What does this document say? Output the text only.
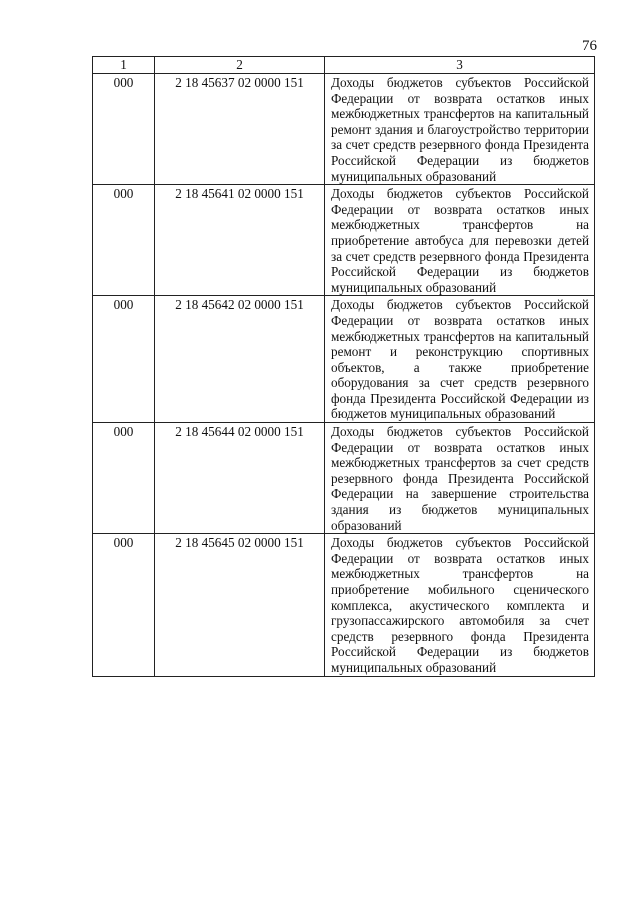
76
1	2	3
000	2 18 45637 02 0000 151	Доходы бюджетов субъектов Российской Федерации от возврата остатков иных межбюджетных трансфертов на капитальный ремонт здания и благоустройство территории за счет средств резервного фонда Президента Российской Федерации из бюджетов муниципальных образований
000	2 18 45641 02 0000 151	Доходы бюджетов субъектов Российской Федерации от возврата остатков иных межбюджетных трансфертов на приобретение автобуса для перевозки детей за счет средств резервного фонда Президента Российской Федерации из бюджетов муниципальных образований
000	2 18 45642 02 0000 151	Доходы бюджетов субъектов Российской Федерации от возврата остатков иных межбюджетных трансфертов на капитальный ремонт и реконструкцию спортивных объектов, а также приобретение оборудования за счет средств резервного фонда Президента Российской Федерации из бюджетов муниципальных образований
000	2 18 45644 02 0000 151	Доходы бюджетов субъектов Российской Федерации от возврата остатков иных межбюджетных трансфертов за счет средств резервного фонда Президента Российской Федерации на завершение строительства здания из бюджетов муниципальных образований
000	2 18 45645 02 0000 151	Доходы бюджетов субъектов Российской Федерации от возврата остатков иных межбюджетных трансфертов на приобретение мобильного сценического комплекса, акустического комплекта и грузопассажирского автомобиля за счет средств резервного фонда Президента Российской Федерации из бюджетов муниципальных образований
